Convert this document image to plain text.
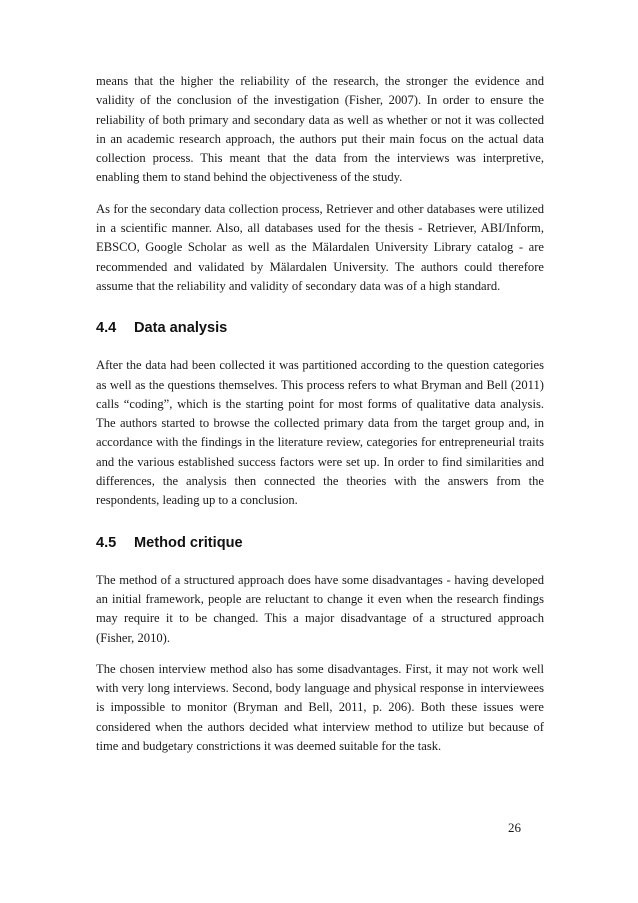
means that the higher the reliability of the research, the stronger the evidence and validity of the conclusion of the investigation (Fisher, 2007). In order to ensure the reliability of both primary and secondary data as well as whether or not it was collected in an academic research approach, the authors put their main focus on the actual data collection process. This meant that the data from the interviews was interpretive, enabling them to stand behind the objectiveness of the study.

As for the secondary data collection process, Retriever and other databases were utilized in a scientific manner. Also, all databases used for the thesis - Retriever, ABI/Inform, EBSCO, Google Scholar as well as the Mälardalen University Library catalog - are recommended and validated by Mälardalen University. The authors could therefore assume that the reliability and validity of secondary data was of a high standard.

4.4 Data analysis

After the data had been collected it was partitioned according to the question categories as well as the questions themselves. This process refers to what Bryman and Bell (2011) calls “coding”, which is the starting point for most forms of qualitative data analysis. The authors started to browse the collected primary data from the target group and, in accordance with the findings in the literature review, categories for entrepreneurial traits and the various established success factors were set up. In order to find similarities and differences, the analysis then connected the theories with the answers from the respondents, leading up to a conclusion.

4.5 Method critique

The method of a structured approach does have some disadvantages - having developed an initial framework, people are reluctant to change it even when the research findings may require it to be changed. This a major disadvantage of a structured approach (Fisher, 2010).

The chosen interview method also has some disadvantages. First, it may not work well with very long interviews. Second, body language and physical response in interviewees is impossible to monitor (Bryman and Bell, 2011, p. 206). Both these issues were considered when the authors decided what interview method to utilize but because of time and budgetary constrictions it was deemed suitable for the task.

26
